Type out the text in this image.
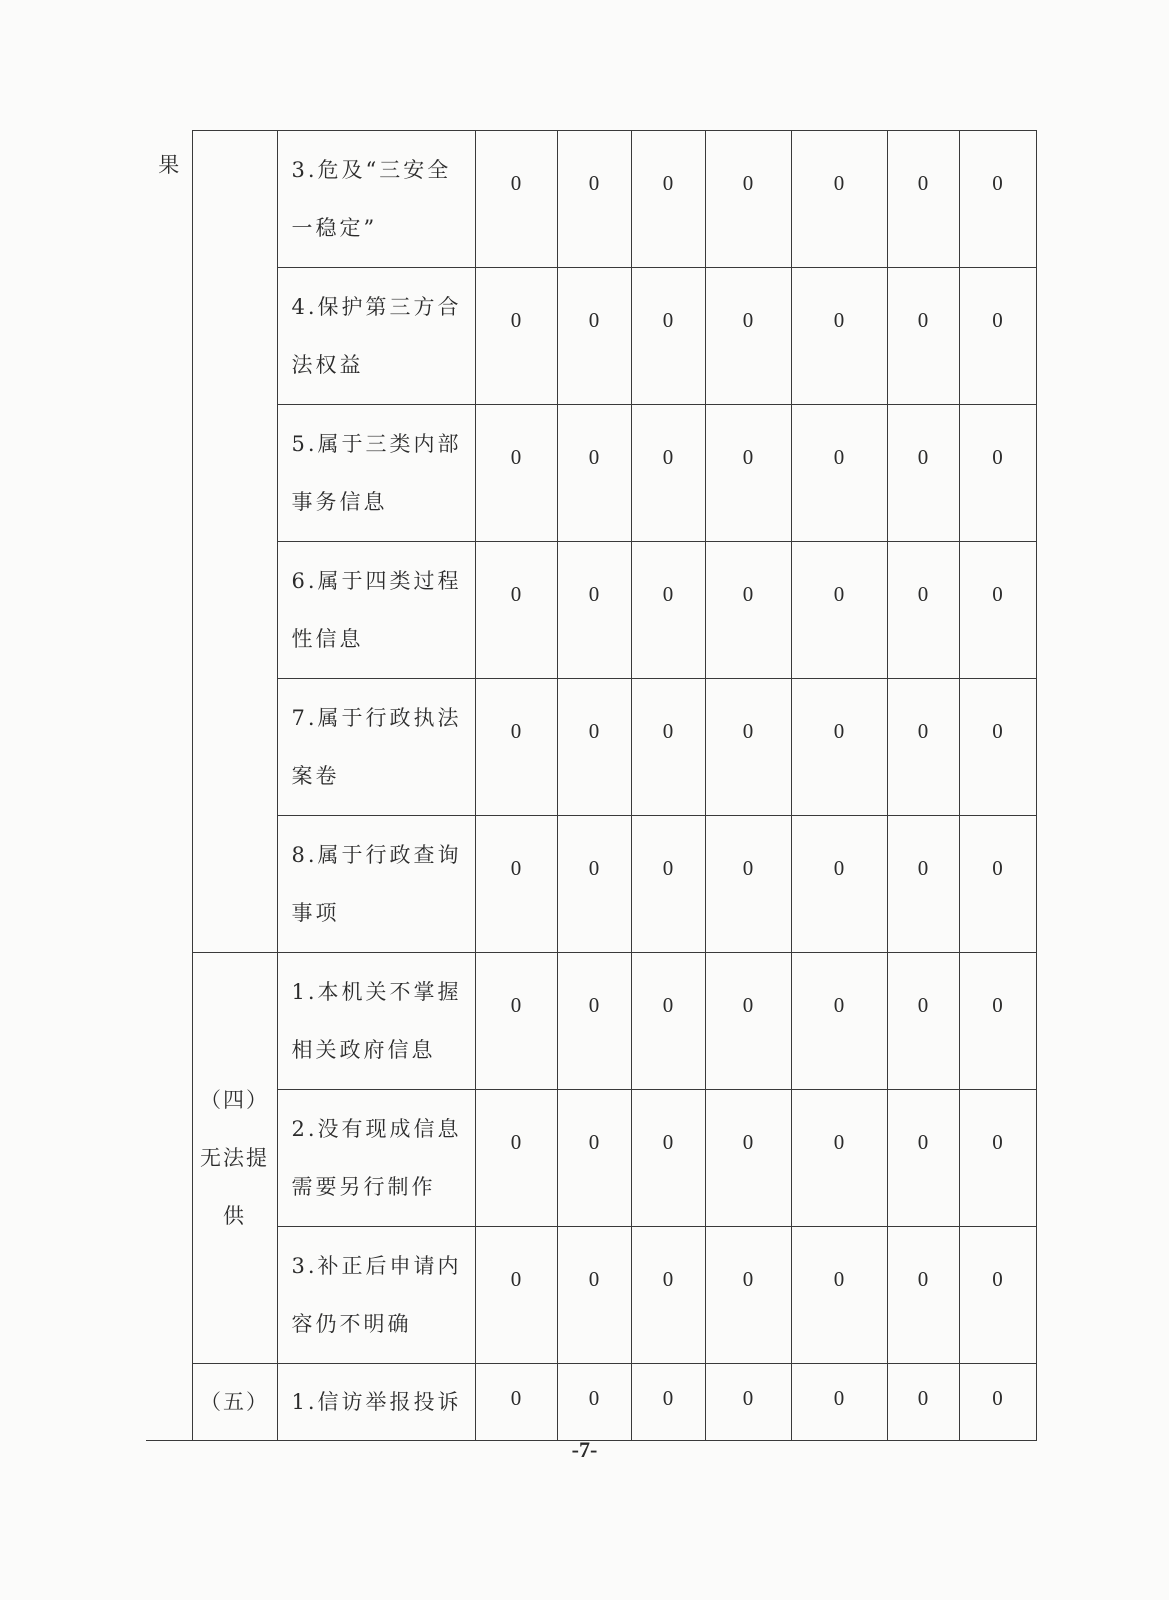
果		3.危及“三安全一稳定”	0	0	0	0	0	0	0
		4.保护第三方合法权益	0	0	0	0	0	0	0
		5.属于三类内部事务信息	0	0	0	0	0	0	0
		6.属于四类过程性信息	0	0	0	0	0	0	0
		7.属于行政执法案卷	0	0	0	0	0	0	0
		8.属于行政查询事项	0	0	0	0	0	0	0
	（四）无法提供	1.本机关不掌握相关政府信息	0	0	0	0	0	0	0
		2.没有现成信息需要另行制作	0	0	0	0	0	0	0
		3.补正后申请内容仍不明确	0	0	0	0	0	0	0
	（五）	1.信访举报投诉	0	0	0	0	0	0	0
-7-
